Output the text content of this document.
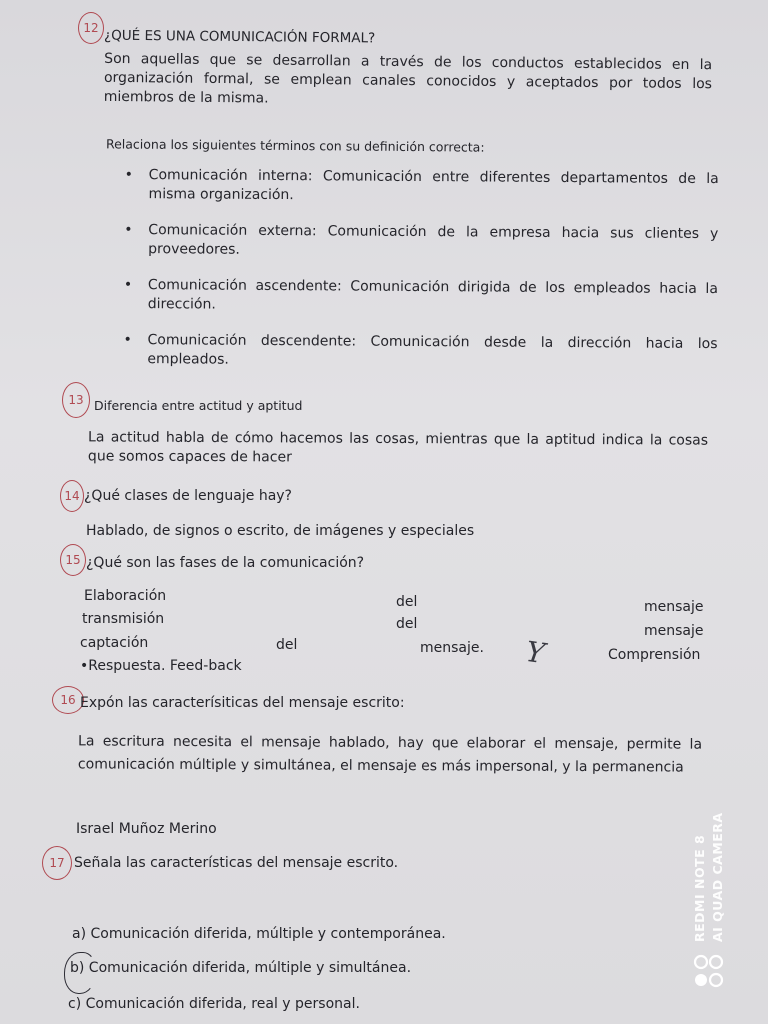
12 ¿QUÉ ES UNA COMUNICACIÓN FORMAL?

Son aquellas que se desarrollan a través de los conductos establecidos en la

organización formal, se emplean canales conocidos y aceptados por todos los

miembros de la misma.

Relaciona los siguientes términos con su definición correcta:

• Comunicación interna: Comunicación entre diferentes departamentos de la misma organización.
• Comunicación externa: Comunicación de la empresa hacia sus clientes y proveedores.
• Comunicación ascendente: Comunicación dirigida de los empleados hacia la dirección.
• Comunicación descendente: Comunicación desde la dirección hacia los empleados.
13 Diferencia entre actitud y aptitud

La actitud habla de cómo hacemos las cosas, mientras que la aptitud indica la cosas

que somos capaces de hacer

14 ¿Qué clases de lenguaje hay?

Hablado, de signos o escrito, de imágenes y especiales

15 ¿Qué son las fases de la comunicación?

Elaboración
transmisión
captación
•Respuesta. Feed-back
del
del
del
mensaje
mensaje
mensaje.	Comprensión
Y
16 Expón las caracterísiticas del mensaje escrito:

La escritura necesita el mensaje hablado, hay que elaborar el mensaje, permite la

comunicación múltiple y simultánea, el mensaje es más impersonal, y la permanencia

Israel Muñoz Merino

17 Señala las características del mensaje escrito.

a) Comunicación diferida, múltiple y contemporánea.

b) Comunicación diferida, múltiple y simultánea.

c) Comunicación diferida, real y personal.

REDMI NOTE 8 AI QUAD CAMERA
